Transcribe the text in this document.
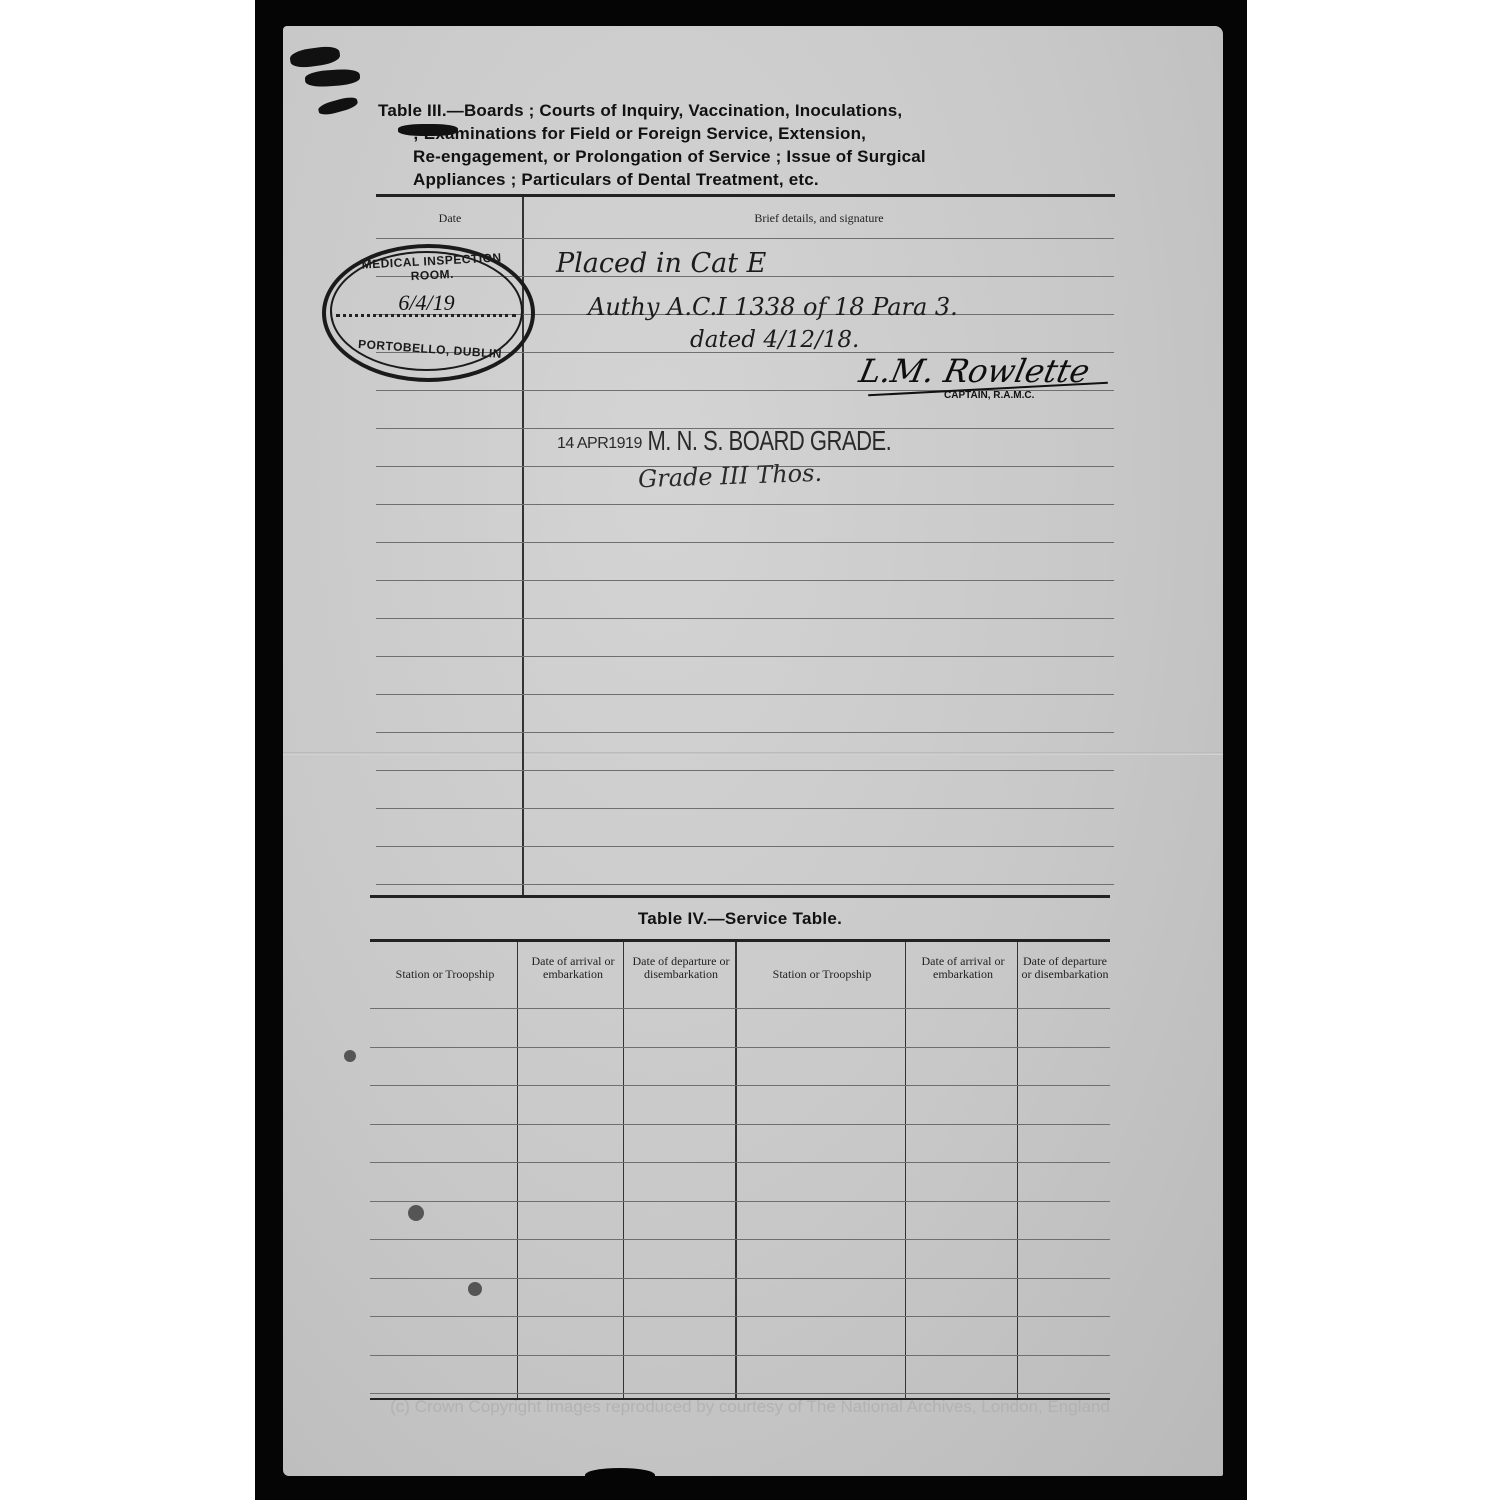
Table III.—Boards ; Courts of Inquiry, Vaccination, Inoculations,
; Examinations for Field or Foreign Service, Extension,
Re-engagement, or Prolongation of Service ; Issue of Surgical
Appliances ; Particulars of Dental Treatment, etc.
Date	Brief details, and signature
MEDICAL INSPECTION ROOM.
6/4/19
PORTOBELLO, DUBLIN
Placed in Cat E
Authy A.C.I 1338 of 18 Para 3.
dated 4/12/18.
L.M. Rowlette
CAPTAIN, R.A.M.C.
14 APR1919 M. N. S. BOARD GRADE.
Grade III Thos.
Table IV.—Service Table.
Station or Troopship
Date of arrival or embarkation
Date of departure or disembarkation	Station or Troopship
Date of arrival or embarkation
Date of departure or disembarkation
(c) Crown Copyright images reproduced by courtesy of The National Archives, London, England
